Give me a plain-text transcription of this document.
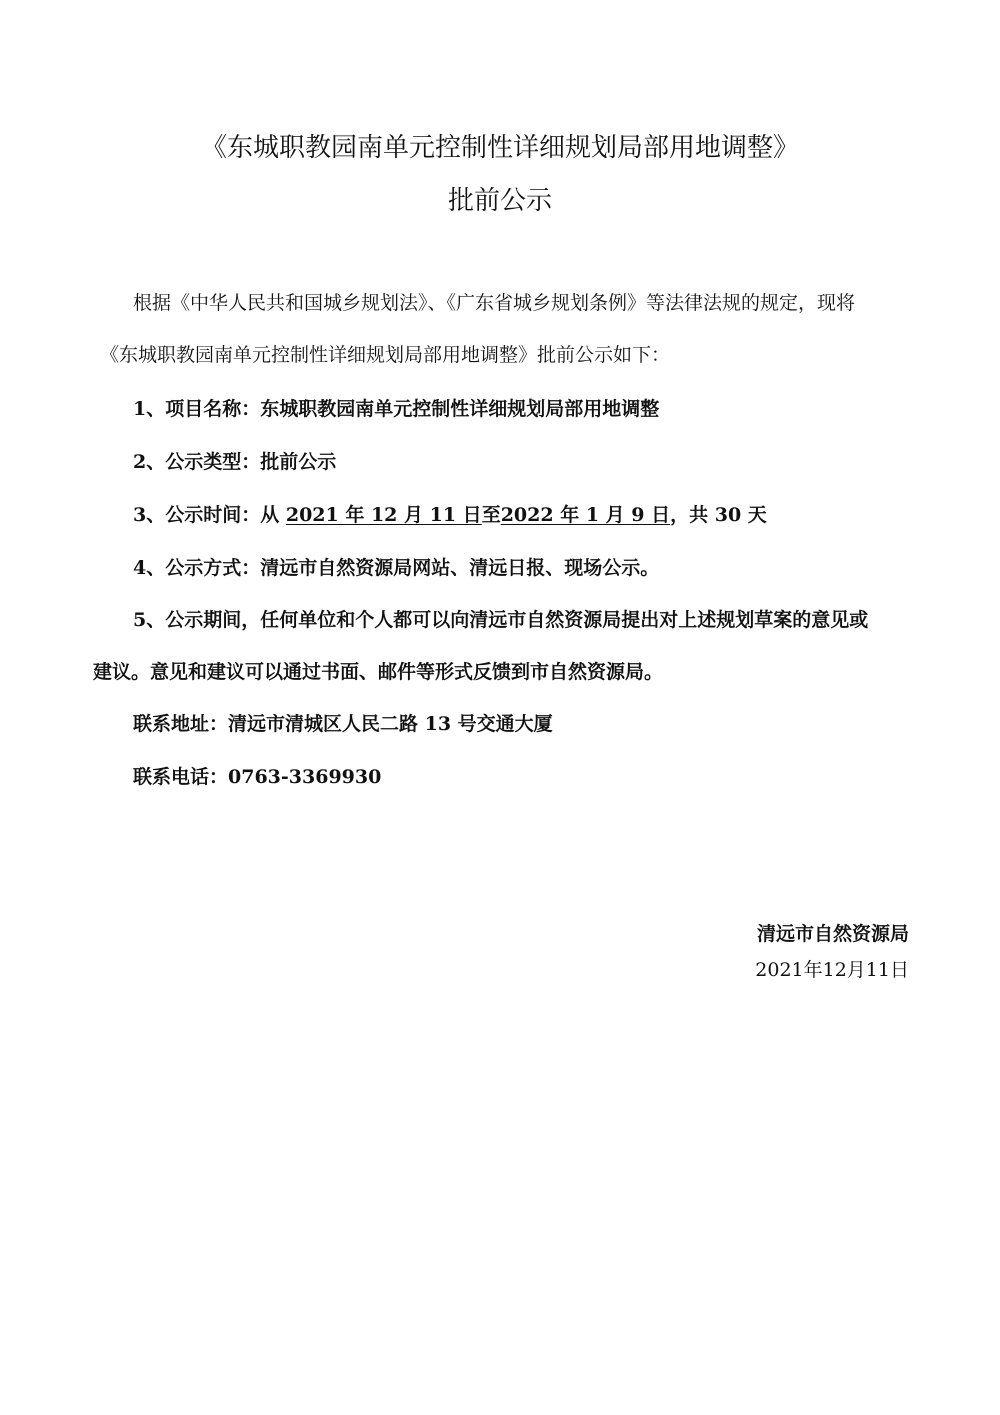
《东城职教园南单元控制性详细规划局部用地调整》
批前公示
根据《中华人民共和国城乡规划法》、《广东省城乡规划条例》等法律法规的规定，现将
《东城职教园南单元控制性详细规划局部用地调整》批前公示如下：
1、项目名称：东城职教园南单元控制性详细规划局部用地调整
2、公示类型：批前公示
3、公示时间：从 2021 年 12 月 11 日至2022 年 1 月 9 日，共 30 天
4、公示方式：清远市自然资源局网站、清远日报、现场公示。
5、公示期间，任何单位和个人都可以向清远市自然资源局提出对上述规划草案的意见或
建议。意见和建议可以通过书面、邮件等形式反馈到市自然资源局。
联系地址：清远市清城区人民二路 13 号交通大厦
联系电话：0763-3369930
清远市自然资源局
2021年12月11日
